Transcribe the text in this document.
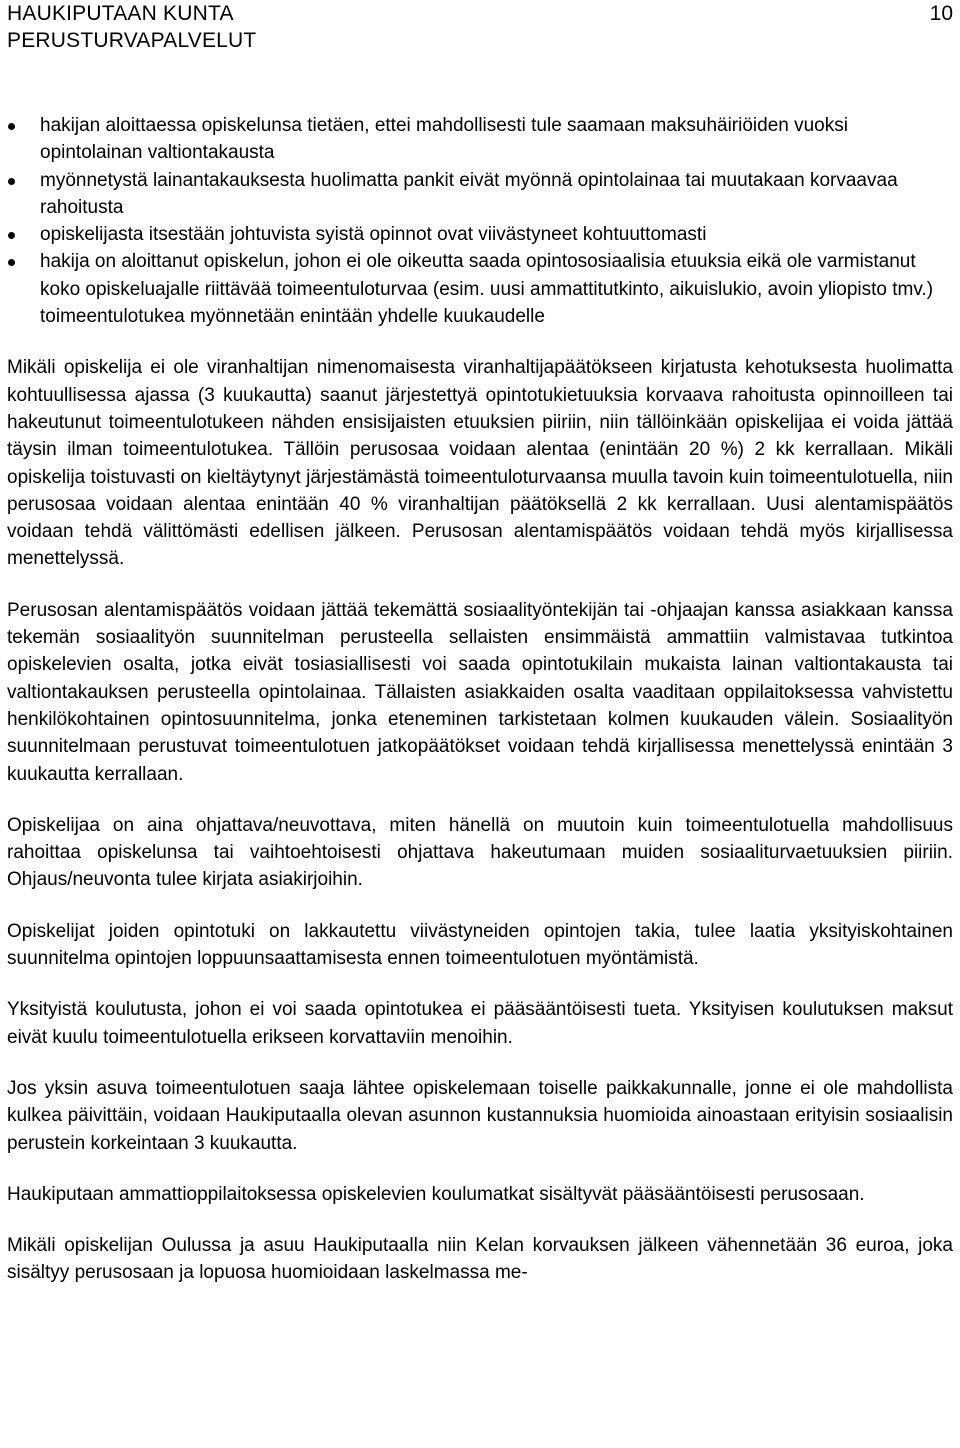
HAUKIPUTAAN KUNTA
PERUSTURVAPALVELUT
10
hakijan aloittaessa opiskelunsa tietäen, ettei mahdollisesti tule saamaan maksuhäiriöiden vuoksi opintolainan valtiontakausta
myönnetystä lainantakauksesta huolimatta pankit eivät myönnä opintolainaa tai muutakaan korvaavaa rahoitusta
opiskelijasta itsestään johtuvista syistä opinnot ovat viivästyneet kohtuuttomasti
hakija on aloittanut opiskelun, johon ei ole oikeutta saada opintososiaalisia etuuksia eikä ole varmistanut koko opiskeluajalle riittävää toimeentuloturvaa (esim. uusi ammattitutkinto, aikuislukio, avoin yliopisto tmv.) toimeentulotukea myönnetään enintään yhdelle kuukaudelle

Mikäli opiskelija ei ole viranhaltijan nimenomaisesta viranhaltijapäätökseen kirjatusta kehotuksesta huolimatta kohtuullisessa ajassa (3 kuukautta) saanut järjestettyä opintotukietuuksia korvaava rahoitusta opinnoilleen tai hakeutunut toimeentulotukeen nähden ensisijaisten etuuksien piiriin, niin tällöinkään opiskelijaa ei voida jättää täysin ilman toimeentulotukea. Tällöin perusosaa voidaan alentaa (enintään 20 %) 2 kk kerrallaan. Mikäli opiskelija toistuvasti on kieltäytynyt järjestämästä toimeentuloturvaansa muulla tavoin kuin toimeentulotuella, niin perusosaa voidaan alentaa enintään 40 % viranhaltijan päätöksellä 2 kk kerrallaan. Uusi alentamispäätös voidaan tehdä välittömästi edellisen jälkeen. Perusosan alentamispäätös voidaan tehdä myös kirjallisessa menettelyssä.

Perusosan alentamispäätös voidaan jättää tekemättä sosiaalityöntekijän tai -ohjaajan kanssa asiakkaan kanssa tekemän sosiaalityön suunnitelman perusteella sellaisten ensimmäistä ammattiin valmistavaa tutkintoa opiskelevien osalta, jotka eivät tosiasiallisesti voi saada opintotukilain mukaista lainan valtiontakausta tai valtiontakauksen perusteella opintolainaa. Tällaisten asiakkaiden osalta vaaditaan oppilaitoksessa vahvistettu henkilökohtainen opintosuunnitelma, jonka eteneminen tarkistetaan kolmen kuukauden välein. Sosiaalityön suunnitelmaan perustuvat toimeentulotuen jatkopäätökset voidaan tehdä kirjallisessa menettelyssä enintään 3 kuukautta kerrallaan.

Opiskelijaa on aina ohjattava/neuvottava, miten hänellä on muutoin kuin toimeentulotuella mahdollisuus rahoittaa opiskelunsa tai vaihtoehtoisesti ohjattava hakeutumaan muiden sosiaaliturvaetuuksien piiriin. Ohjaus/neuvonta tulee kirjata asiakirjoihin.

Opiskelijat joiden opintotuki on lakkautettu viivästyneiden opintojen takia, tulee laatia yksityiskohtainen suunnitelma opintojen loppuunsaattamisesta ennen toimeentulotuen myöntämistä.

Yksityistä koulutusta, johon ei voi saada opintotukea ei pääsääntöisesti tueta. Yksityisen koulutuksen maksut eivät kuulu toimeentulotuella erikseen korvattaviin menoihin.

Jos yksin asuva toimeentulotuen saaja lähtee opiskelemaan toiselle paikkakunnalle, jonne ei ole mahdollista kulkea päivittäin, voidaan Haukiputaalla olevan asunnon kustannuksia huomioida ainoastaan erityisin sosiaalisin perustein korkeintaan 3 kuukautta.

Haukiputaan ammattioppilaitoksessa opiskelevien koulumatkat sisältyvät pääsääntöisesti perusosaan.

Mikäli opiskelijan Oulussa ja asuu Haukiputaalla niin Kelan korvauksen jälkeen vähennetään 36 euroa, joka sisältyy perusosaan ja lopuosa huomioidaan laskelmassa me-
